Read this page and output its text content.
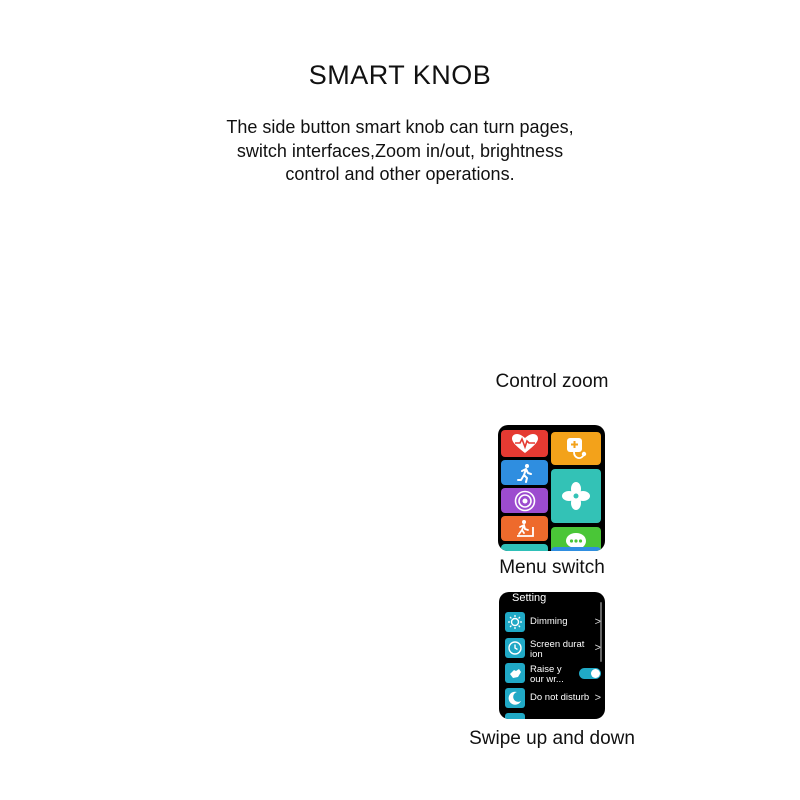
SMART KNOB
The side button smart knob can turn pages,
switch interfaces,Zoom in/out, brightness
control and other operations.
Control zoom
Menu switch
Setting
Dimming	>
Screen durat
ion	>
Raise y
our wr...
Do not disturb >
Swipe up and down
